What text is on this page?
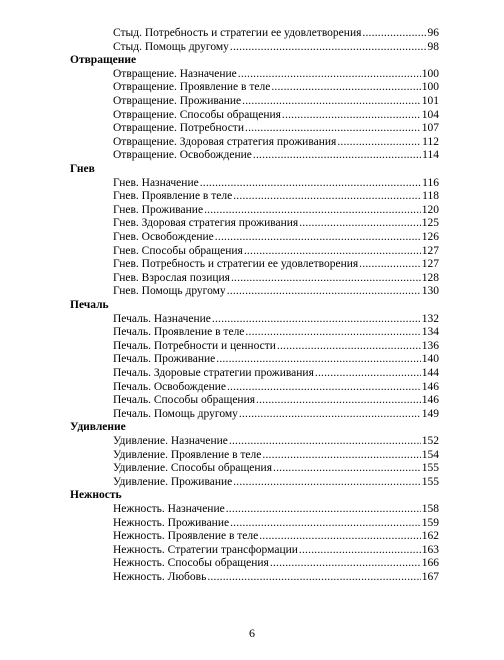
Стыд. Потребность и стратегии ее удовлетворения .....	96
Стыд. Помощь другому .....	98
Отвращение
Отвращение. Назначение .....	100
Отвращение. Проявление в теле .....	100
Отвращение. Проживание .....	101
Отвращение. Способы обращения .....	104
Отвращение. Потребности .....	107
Отвращение. Здоровая стратегия проживания .....	112
Отвращение. Освобождение .....	114
Гнев
Гнев. Назначение .....	116
Гнев. Проявление в теле .....	118
Гнев. Проживание .....	120
Гнев. Здоровая стратегия проживания .....	125
Гнев. Освобождение .....	126
Гнев. Способы обращения .....	127
Гнев. Потребность и стратегии ее удовлетворения .....	127
Гнев. Взрослая позиция .....	128
Гнев. Помощь другому .....	130
Печаль
Печаль. Назначение .....	132
Печаль. Проявление в теле .....	134
Печаль. Потребности и ценности .....	136
Печаль. Проживание .....	140
Печаль. Здоровые стратегии проживания .....	144
Печаль. Освобождение .....	146
Печаль. Способы обращения .....	146
Печаль. Помощь другому .....	149
Удивление
Удивление. Назначение .....	152
Удивление. Проявление в теле .....	154
Удивление. Способы обращения .....	155
Удивление. Проживание .....	155
Нежность
Нежность. Назначение .....	158
Нежность. Проживание .....	159
Нежность. Проявление в теле .....	162
Нежность. Стратегии трансформации .....	163
Нежность. Способы обращения .....	166
Нежность. Любовь .....	167
6
